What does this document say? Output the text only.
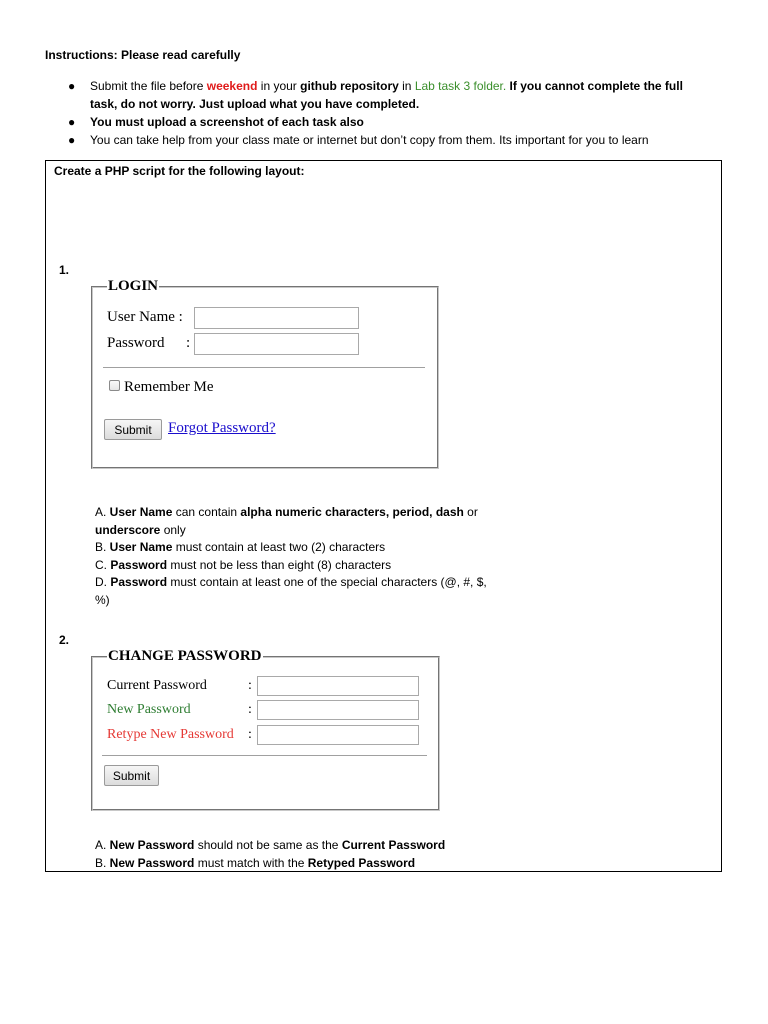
Instructions: Please read carefully
● Submit the file before weekend in your github repository in Lab task 3 folder. If you cannot complete the full
task, do not worry. Just upload what you have completed.
● You must upload a screenshot of each task also
● You can take help from your class mate or internet but don’t copy from them. Its important for you to learn
Create a PHP script for the following layout:
1.
LOGIN
User Name :
Password :
Remember Me
Submit	Forgot Password?
A. User Name can contain alpha numeric characters, period, dash or
underscore only
B. User Name must contain at least two (2) characters
C. Password must not be less than eight (8) characters
D. Password must contain at least one of the special characters (@, #, $,
%)
2.
CHANGE PASSWORD
Current Password	:
New Password	:
Retype New Password :
Submit
A. New Password should not be same as the Current Password
B. New Password must match with the Retyped Password
